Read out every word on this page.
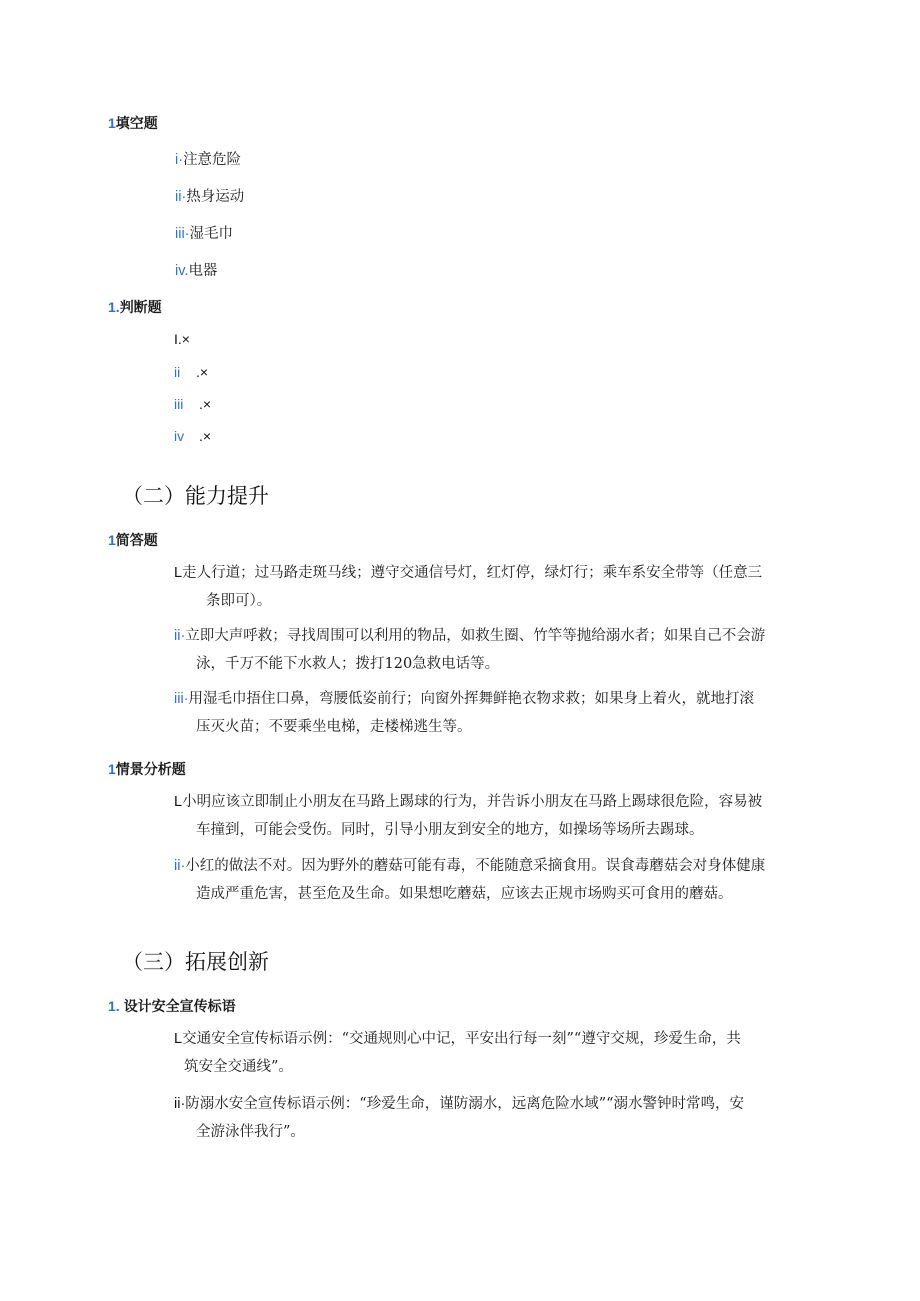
1填空题
i·注意危险
ii·热身运动
iii·湿毛巾
iv.电器
1.判断题
I.×
ii .×
iii .×
iv .×
（二）能力提升
1简答题
L走人行道；过马路走斑马线；遵守交通信号灯，红灯停，绿灯行；乘车系安全带等（任意三
条即可）。
ii·立即大声呼救；寻找周围可以利用的物品，如救生圈、竹竿等抛给溺水者；如果自己不会游
泳，千万不能下水救人；拨打120急救电话等。
iii·用湿毛巾捂住口鼻，弯腰低姿前行；向窗外挥舞鲜艳衣物求救；如果身上着火，就地打滚
压灭火苗；不要乘坐电梯，走楼梯逃生等。
1情景分析题
L小明应该立即制止小朋友在马路上踢球的行为，并告诉小朋友在马路上踢球很危险，容易被
车撞到，可能会受伤。同时，引导小朋友到安全的地方，如操场等场所去踢球。
ii·小红的做法不对。因为野外的蘑菇可能有毒，不能随意采摘食用。误食毒蘑菇会对身体健康
造成严重危害，甚至危及生命。如果想吃蘑菇，应该去正规市场购买可食用的蘑菇。
（三）拓展创新
1. 设计安全宣传标语
L交通安全宣传标语示例：“交通规则心中记，平安出行每一刻”“遵守交规，珍爱生命，共
筑安全交通线”。
ii·防溺水安全宣传标语示例：“珍爱生命，谨防溺水，远离危险水域”“溺水警钟时常鸣，安
全游泳伴我行”。
